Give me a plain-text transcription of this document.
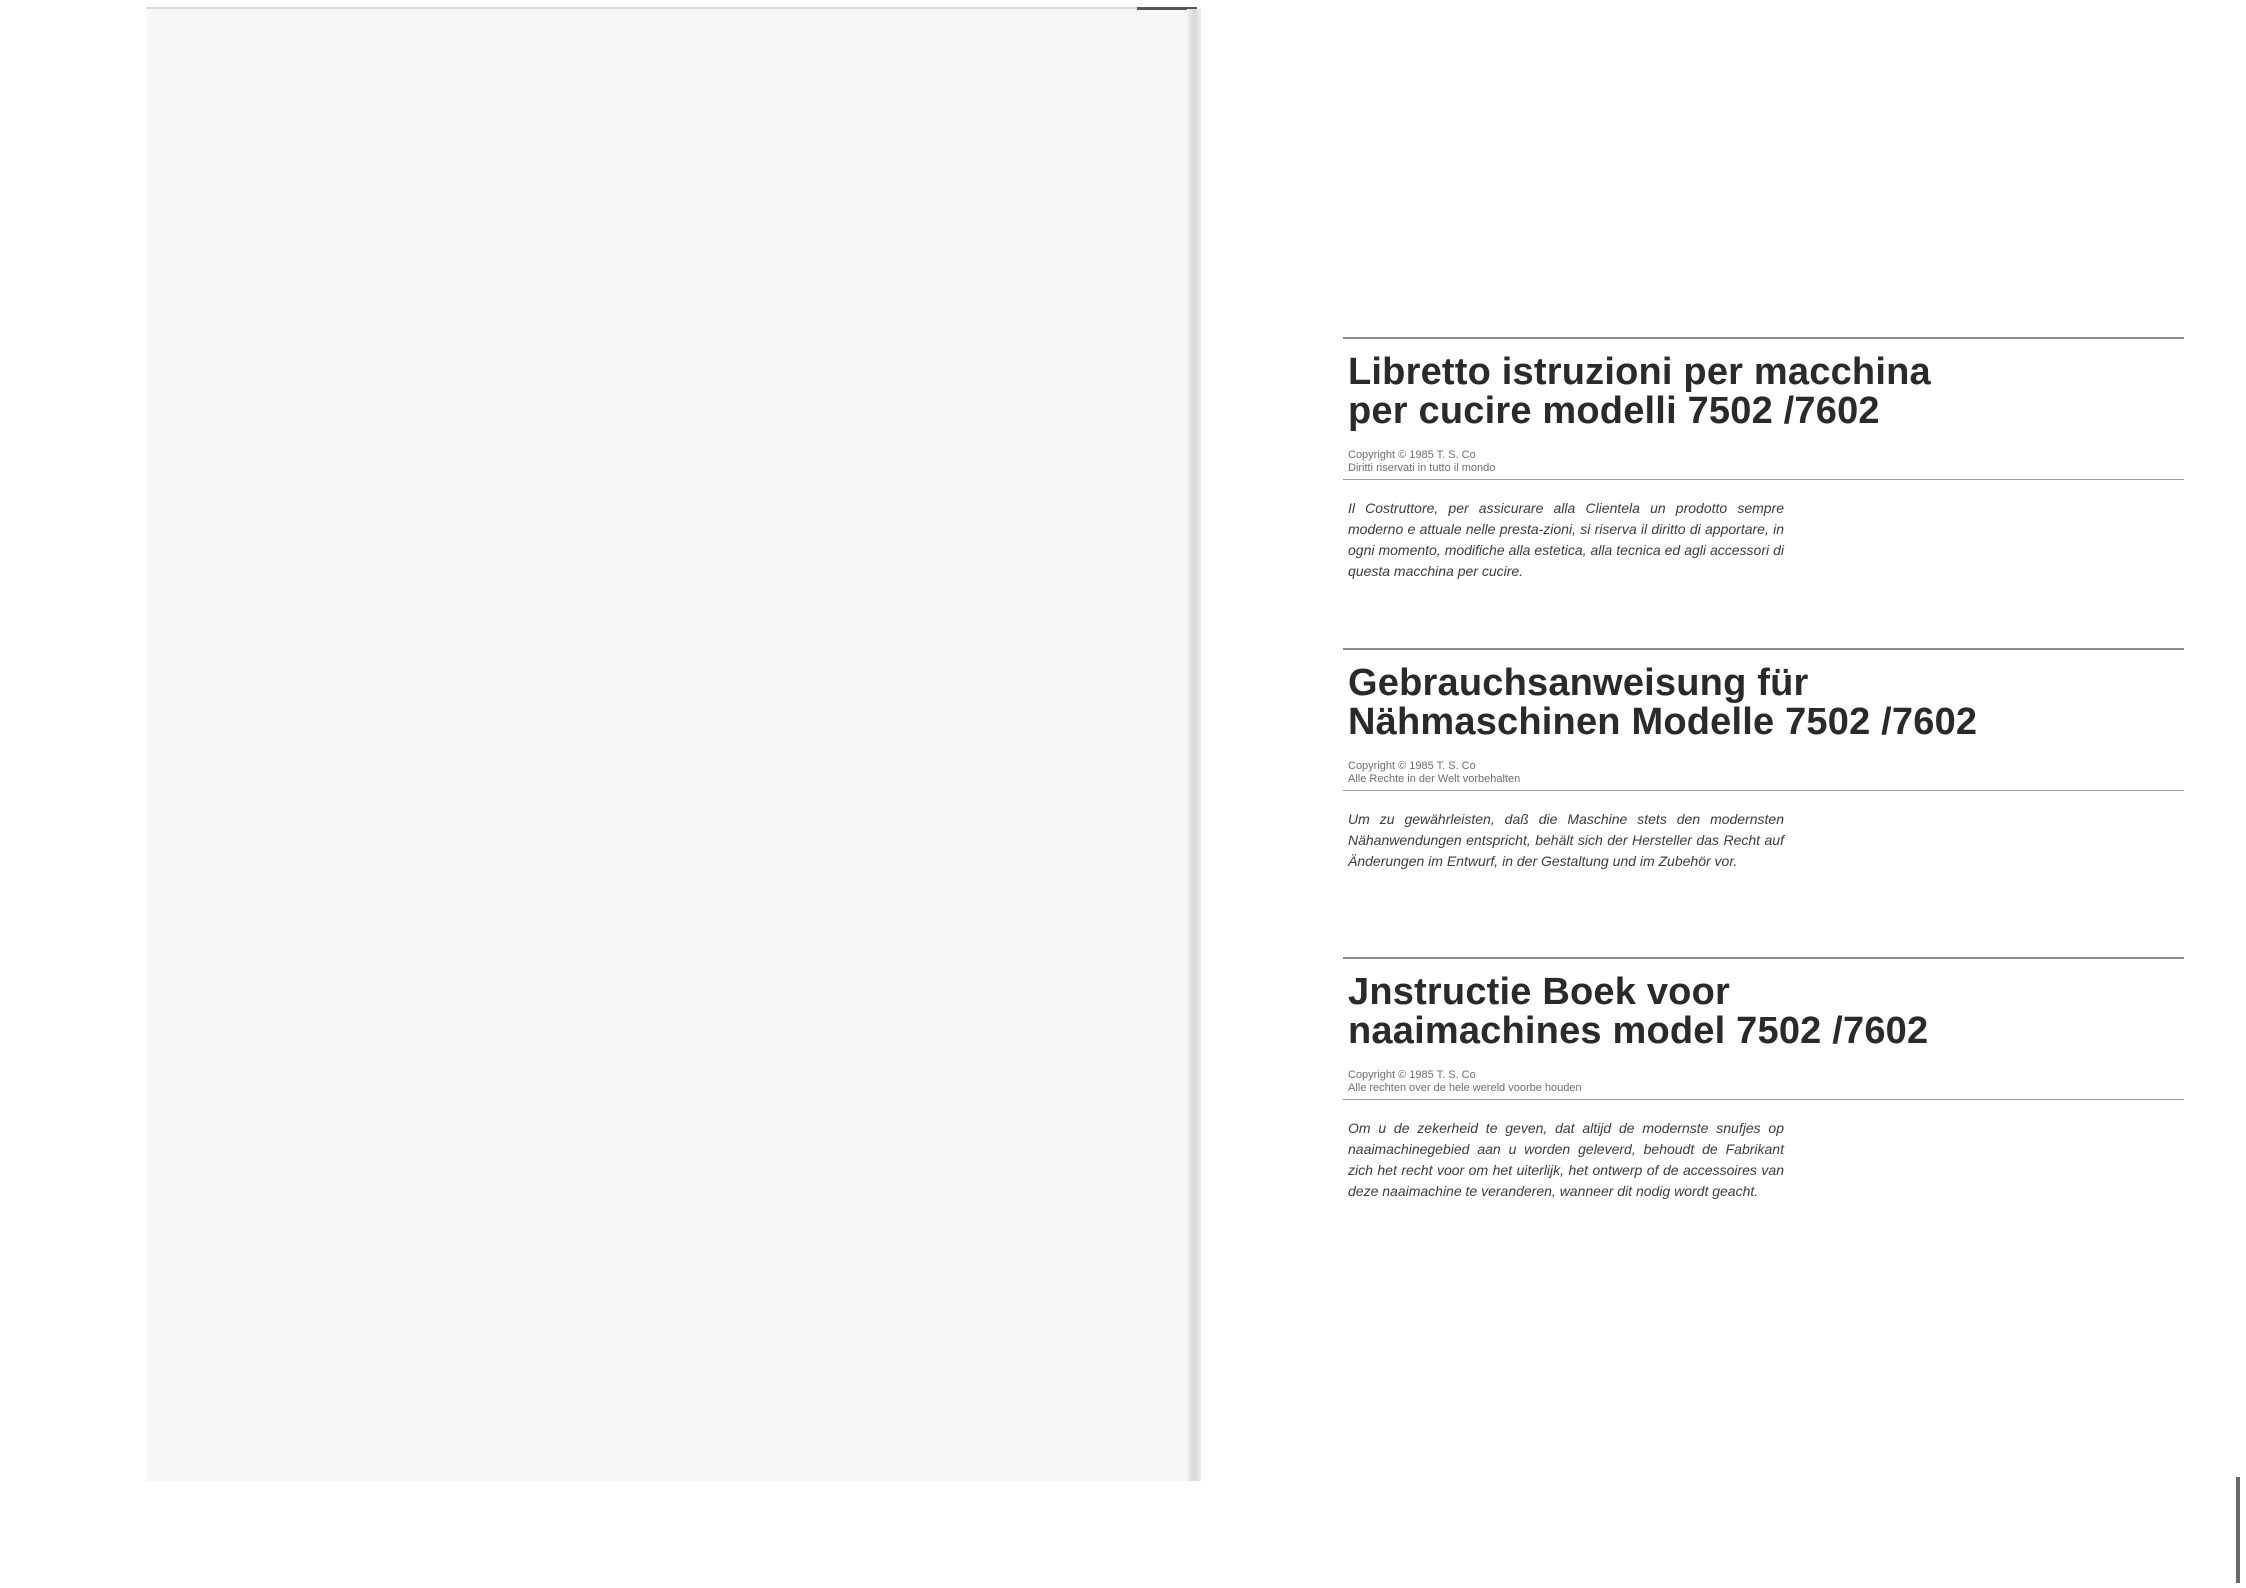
Libretto istruzioni per macchina
per cucire modelli 7502 /7602
Copyright © 1985 T. S. Co
Diritti riservati in tutto il mondo
Il Costruttore, per assicurare alla Clientela un prodotto sempre moderno e attuale nelle presta-zioni, si riserva il diritto di apportare, in ogni momento, modifiche alla estetica, alla tecnica ed agli accessori di questa macchina per cucire.
Gebrauchsanweisung für
Nähmaschinen Modelle 7502 /7602
Copyright © 1985 T. S. Co
Alle Rechte in der Welt vorbehalten
Um zu gewährleisten, daß die Maschine stets den modernsten Nähanwendungen entspricht, behält sich der Hersteller das Recht auf Änderungen im Entwurf, in der Gestaltung und im Zubehör vor.
Jnstructie Boek voor
naaimachines model 7502 /7602
Copyright © 1985 T. S. Co
Alle rechten over de hele wereld voorbe houden
Om u de zekerheid te geven, dat altijd de modernste snufjes op naaimachinegebied aan u worden geleverd, behoudt de Fabrikant zich het recht voor om het uiterlijk, het ontwerp of de accessoires van deze naaimachine te veranderen, wanneer dit nodig wordt geacht.
